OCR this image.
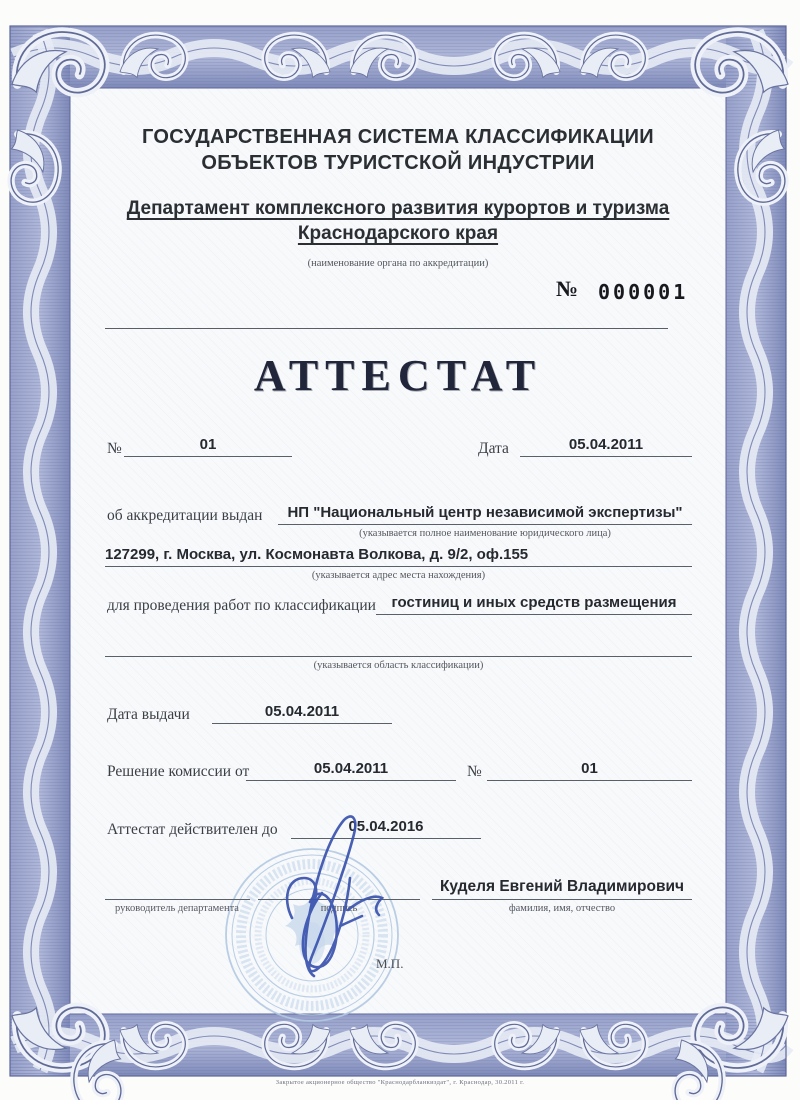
ГОСУДАРСТВЕННАЯ СИСТЕМА КЛАССИФИКАЦИИ
ОБЪЕКТОВ ТУРИСТСКОЙ ИНДУСТРИИ
Департамент комплексного развития курортов и туризма
Краснодарского края
(наименование органа по аккредитации)
№ 000001
АТТЕСТАТ
№	01	Дата	05.04.2011
об аккредитации выдан	НП "Национальный центр независимой экспертизы"
(указывается полное наименование юридического лица)
127299, г. Москва, ул. Космонавта Волкова, д. 9/2, оф.155
(указывается адрес места нахождения)
для проведения работ по классификации	гостиниц и иных средств размещения
(указывается область классификации)
Дата выдачи	05.04.2011
Решение комиссии от	05.04.2011	№	01
Аттестат действителен до	05.04.2016
руководитель департамента	подпись
Куделя Евгений Владимирович
фамилия, имя, отчество
М.П.
Закрытое акционерное общество "Краснодарбланкиздат", г. Краснодар, 30.2011 г.
